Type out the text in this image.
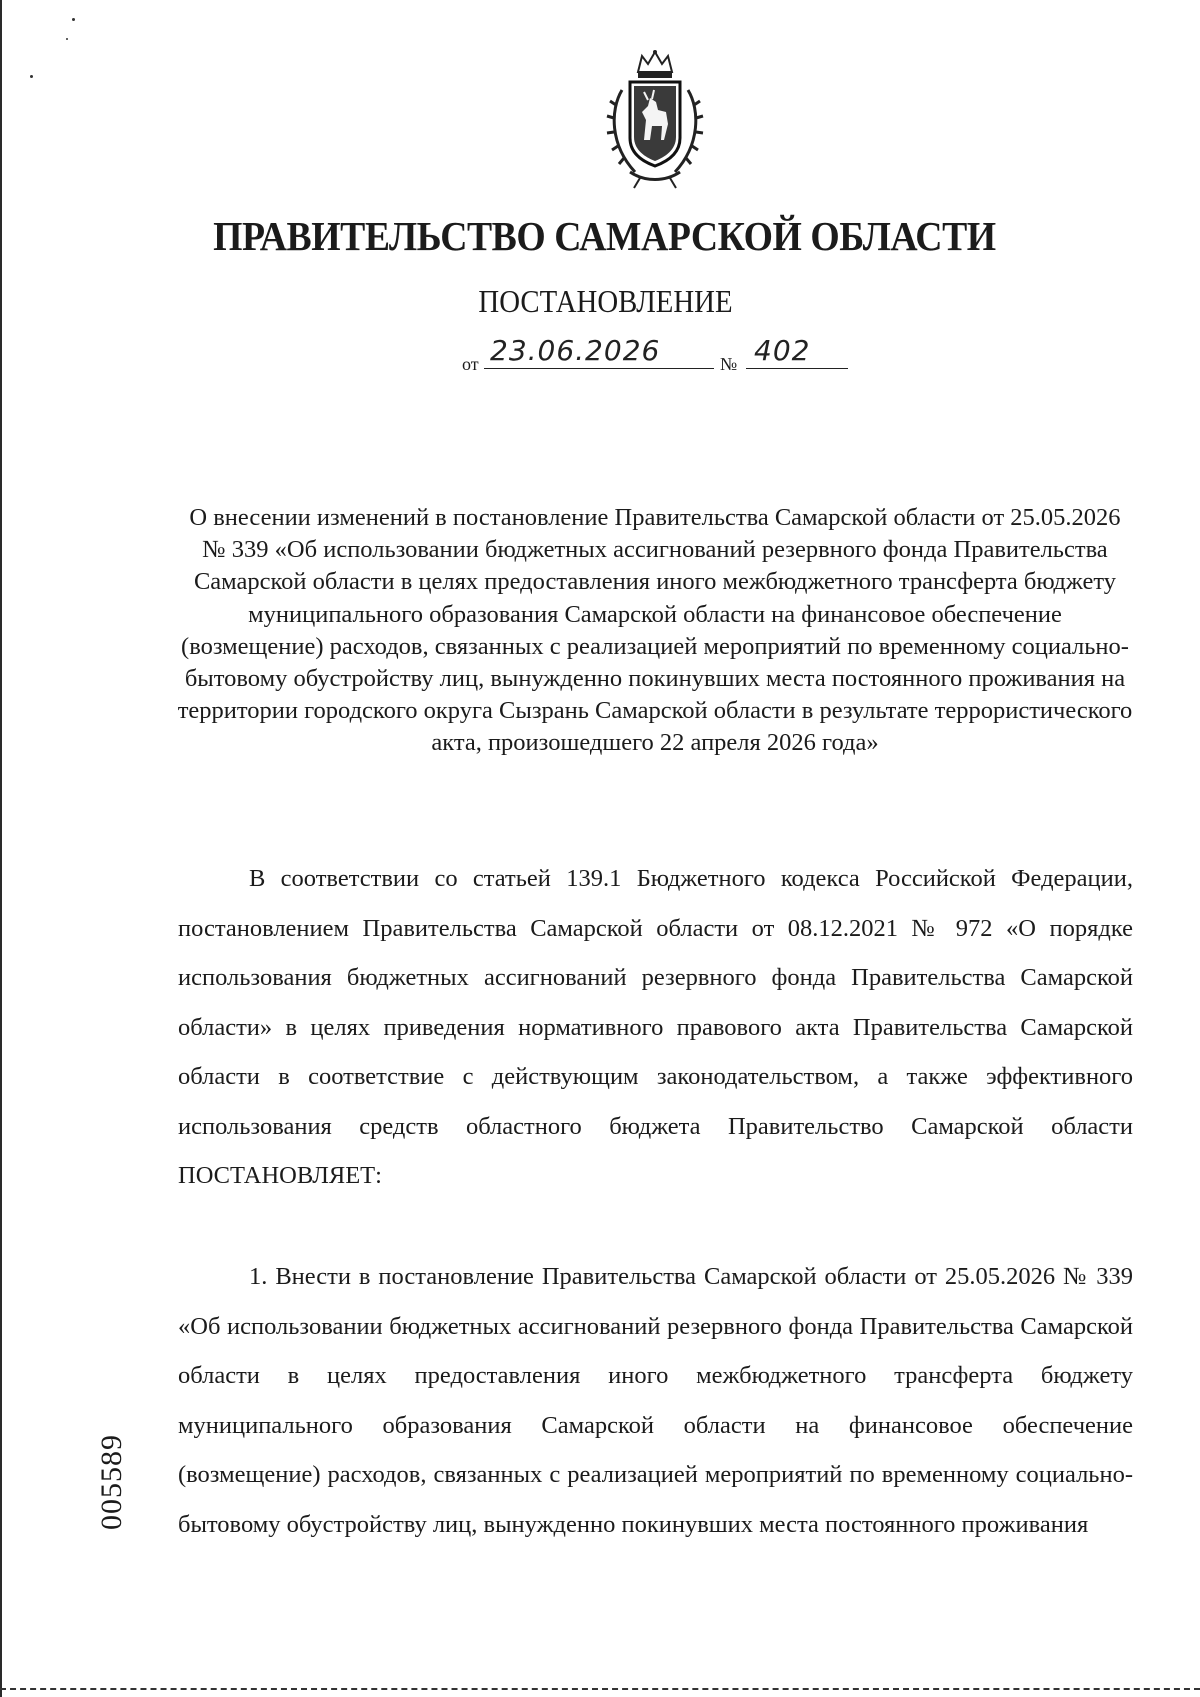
ПРАВИТЕЛЬСТВО САМАРСКОЙ ОБЛАСТИ
ПОСТАНОВЛЕНИЕ
от 23.06.2026	№ 402
О внесении изменений в постановление Правительства Самарской области от 25.05.2026 № 339 «Об использовании бюджетных ассигнований резервного фонда Правительства Самарской области в целях предоставления иного межбюджетного трансферта бюджету муниципального образования Самарской области на финансовое обеспечение (возмещение) расходов, связанных с реализацией мероприятий по временному социально-бытовому обустройству лиц, вынужденно покинувших места постоянного проживания на территории городского округа Сызрань Самарской области в результате террористического акта, произошедшего 22 апреля 2026 года»
В соответствии со статьей 139.1 Бюджетного кодекса Российской Федерации, постановлением Правительства Самарской области от 08.12.2021 № 972 «О порядке использования бюджетных ассигнований резервного фонда Правительства Самарской области» в целях приведения нормативного правового акта Правительства Самарской области в соответствие с действующим законодательством, а также эффективного использования средств областного бюджета Правительство Самарской области ПОСТАНОВЛЯЕТ:
1. Внести в постановление Правительства Самарской области от 25.05.2026 № 339 «Об использовании бюджетных ассигнований резервного фонда Правительства Самарской области в целях предоставления иного межбюджетного трансферта бюджету муниципального образования Самарской области на финансовое обеспечение (возмещение) расходов, связанных с реализацией мероприятий по временному социально-бытовому обустройству лиц, вынужденно покинувших места постоянного проживания
005589
